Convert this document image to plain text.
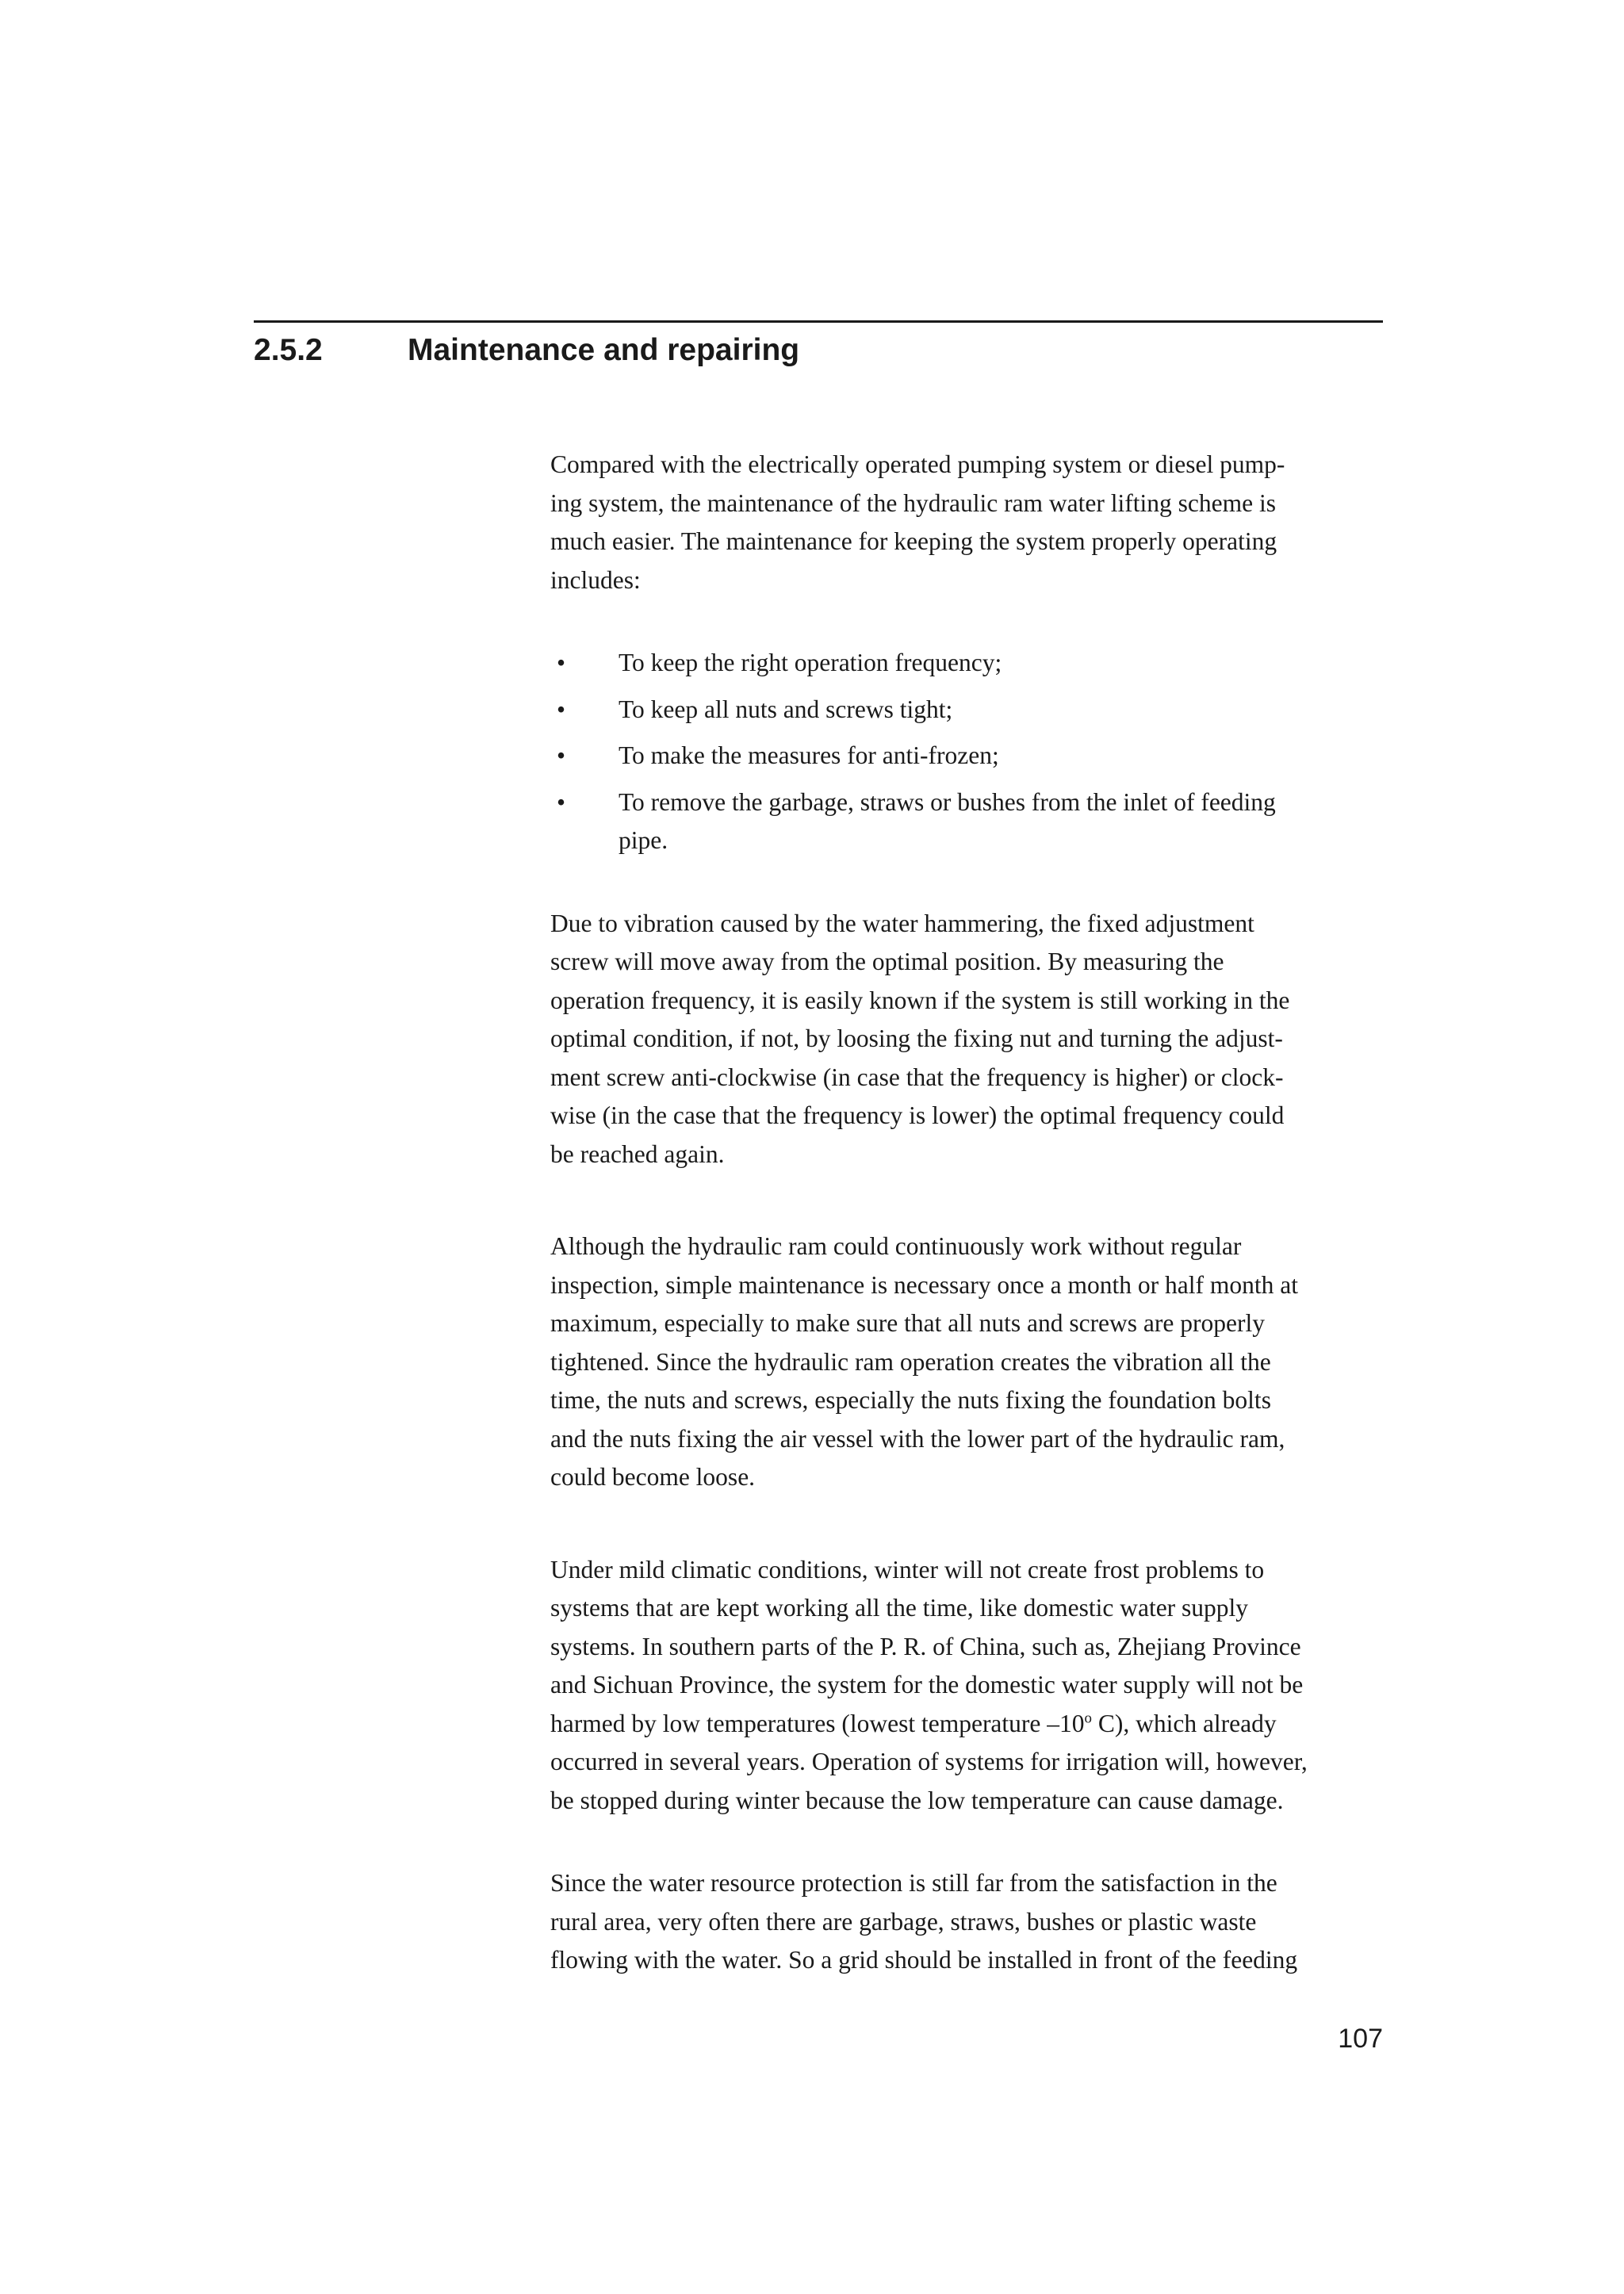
2.5.2	Maintenance and repairing
Compared with the electrically operated pumping system or diesel pump-
ing system, the maintenance of the hydraulic ram water lifting scheme is
much easier. The maintenance for keeping the system properly operating
includes:
• To keep the right operation frequency;
• To keep all nuts and screws tight;
• To make the measures for anti-frozen;
• To remove the garbage, straws or bushes from the inlet of feeding
pipe.
Due to vibration caused by the water hammering, the fixed adjustment
screw will move away from the optimal position. By measuring the
operation frequency, it is easily known if the system is still working in the
optimal condition, if not, by loosing the fixing nut and turning the adjust-
ment screw anti-clockwise (in case that the frequency is higher) or clock-
wise (in the case that the frequency is lower) the optimal frequency could
be reached again.
Although the hydraulic ram could continuously work without regular
inspection, simple maintenance is necessary once a month or half month at
maximum, especially to make sure that all nuts and screws are properly
tightened. Since the hydraulic ram operation creates the vibration all the
time, the nuts and screws, especially the nuts fixing the foundation bolts
and the nuts fixing the air vessel with the lower part of the hydraulic ram,
could become loose.
Under mild climatic conditions, winter will not create frost problems to
systems that are kept working all the time, like domestic water supply
systems. In southern parts of the P. R. of China, such as, Zhejiang Province
and Sichuan Province, the system for the domestic water supply will not be
harmed by low temperatures (lowest temperature –10$^o$ C), which already
occurred in several years. Operation of systems for irrigation will, however,
be stopped during winter because the low temperature can cause damage.
Since the water resource protection is still far from the satisfaction in the
rural area, very often there are garbage, straws, bushes or plastic waste
flowing with the water. So a grid should be installed in front of the feeding
107
